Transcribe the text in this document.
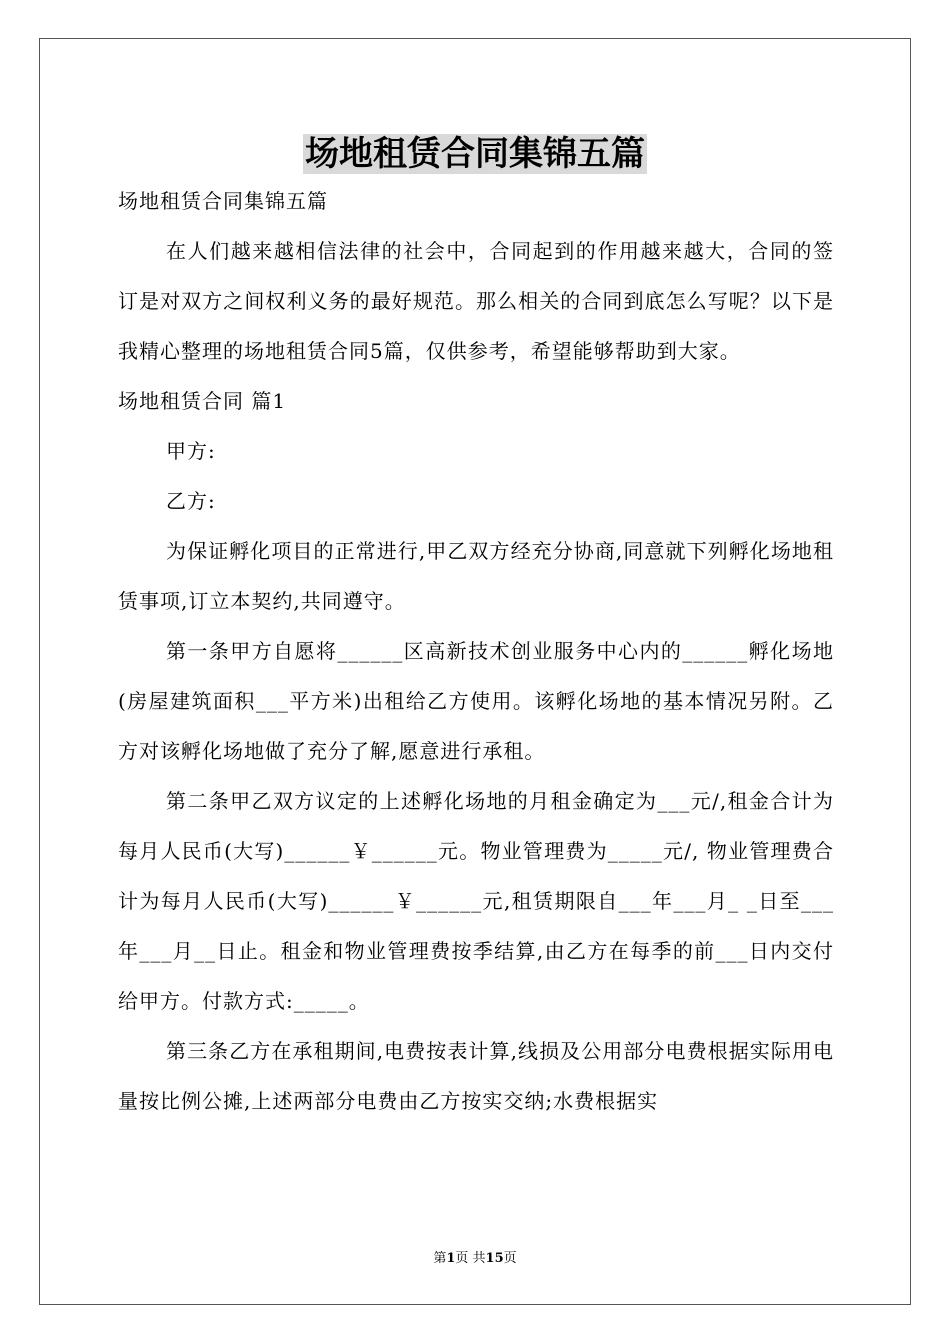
场地租赁合同集锦五篇

场地租赁合同集锦五篇

在人们越来越相信法律的社会中，合同起到的作用越来越大，合同的签订是对双方之间权利义务的最好规范。那么相关的合同到底怎么写呢？以下是我精心整理的场地租赁合同5篇，仅供参考，希望能够帮助到大家。

场地租赁合同 篇1

甲方:

乙方:

为保证孵化项目的正常进行,甲乙双方经充分协商,同意就下列孵化场地租赁事项,订立本契约,共同遵守。

第一条甲方自愿将______区高新技术创业服务中心内的______孵化场地(房屋建筑面积___平方米)出租给乙方使用。该孵化场地的基本情况另附。乙方对该孵化场地做了充分了解,愿意进行承租。

第二条甲乙双方议定的上述孵化场地的月租金确定为___元/,租金合计为每月人民币(大写)______￥______元。物业管理费为_____元/, 物业管理费合计为每月人民币(大写)______￥______元,租赁期限自___年___月_ _日至___年___月__日止。租金和物业管理费按季结算,由乙方在每季的前___日内交付给甲方。付款方式:_____。

第三条乙方在承租期间,电费按表计算,线损及公用部分电费根据实际用电量按比例公摊,上述两部分电费由乙方按实交纳;水费根据实

第1页 共15页
